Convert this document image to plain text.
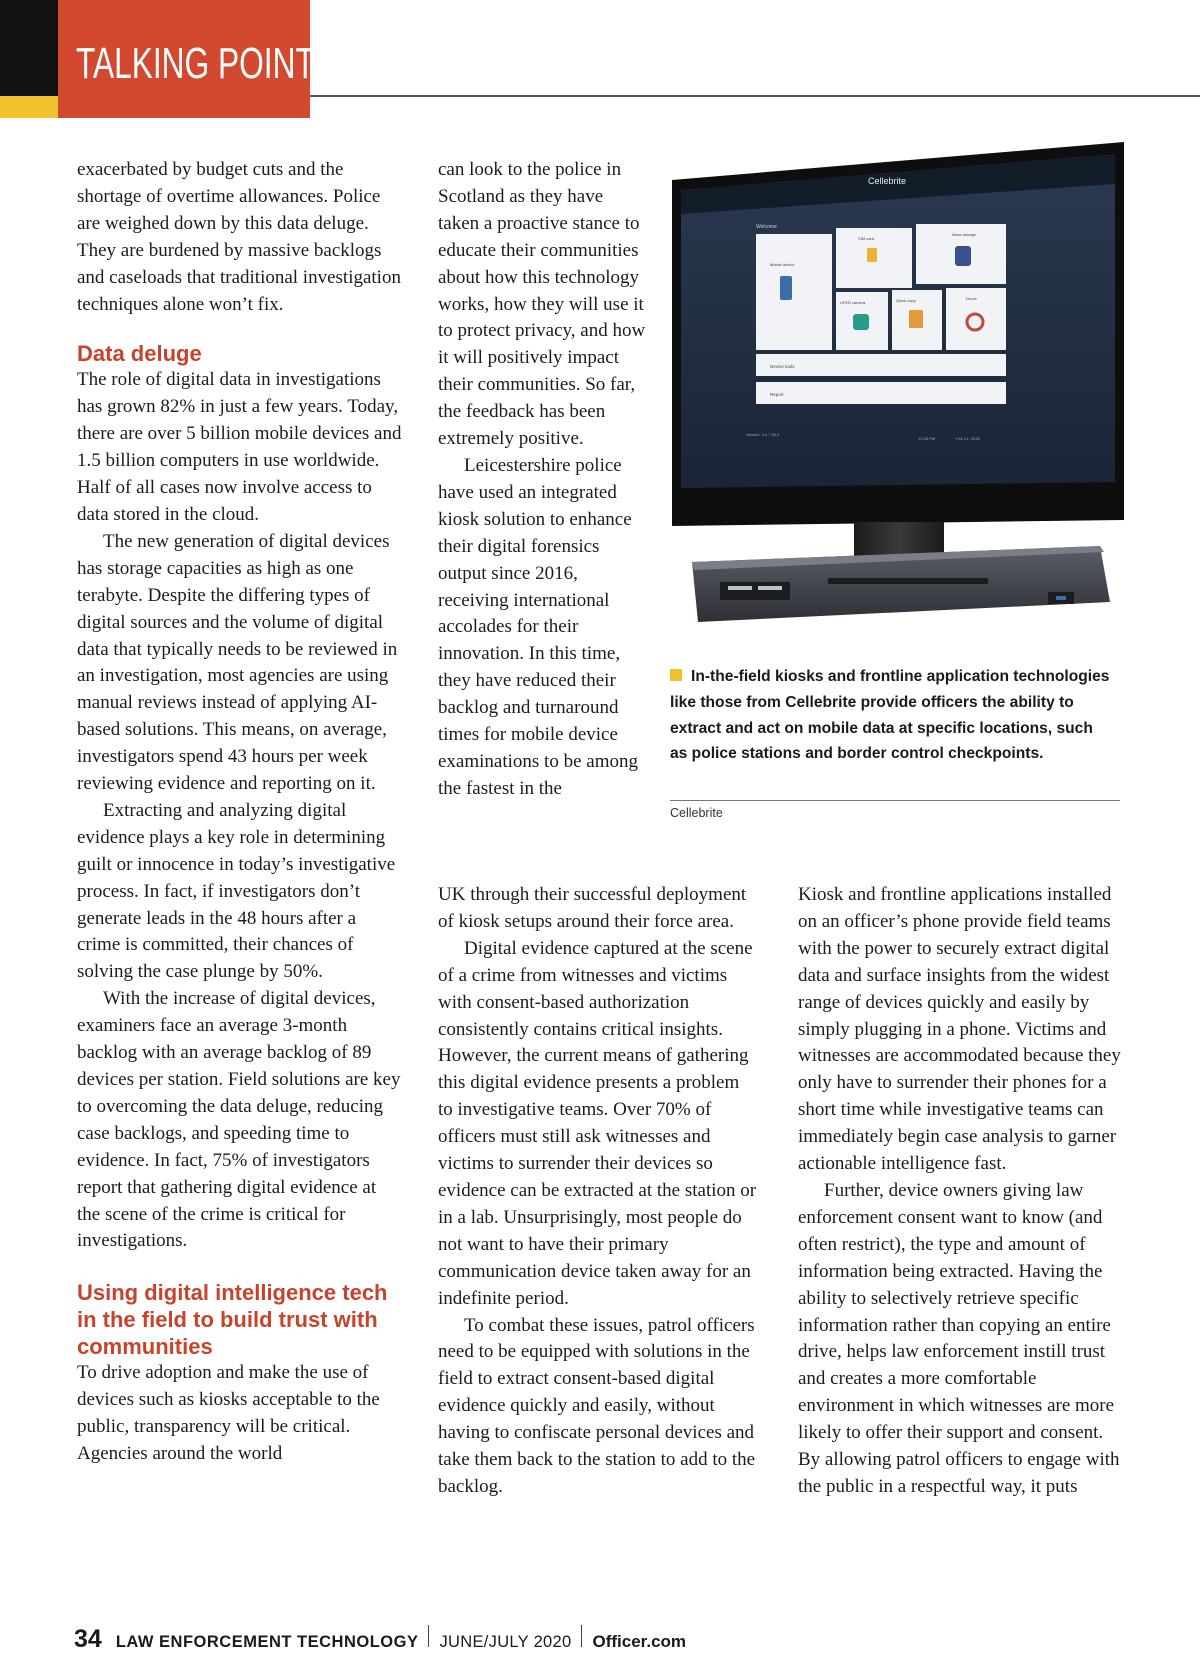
TALKING POINTS

exacerbated by budget cuts and the shortage of overtime allowances. Police are weighed down by this data deluge. They are burdened by massive backlogs and caseloads that traditional investigation techniques alone won’t fix.

Data deluge

The role of digital data in investigations has grown 82% in just a few years. Today, there are over 5 billion mobile devices and 1.5 billion computers in use worldwide. Half of all cases now involve access to data stored in the cloud.

The new generation of digital devices has storage capacities as high as one terabyte. Despite the differing types of digital sources and the volume of digital data that typically needs to be reviewed in an investigation, most agencies are using manual reviews instead of applying AI-based solutions. This means, on average, investigators spend 43 hours per week reviewing evidence and reporting on it.

Extracting and analyzing digital evidence plays a key role in determining guilt or innocence in today’s investigative process. In fact, if investigators don’t generate leads in the 48 hours after a crime is committed, their chances of solving the case plunge by 50%.

With the increase of digital devices, examiners face an average 3-month backlog with an average backlog of 89 devices per station. Field solutions are key to overcoming the data deluge, reducing case backlogs, and speeding time to evidence. In fact, 75% of investigators report that gathering digital evidence at the scene of the crime is critical for investigations.

Using digital intelligence tech in the field to build trust with communities

To drive adoption and make the use of devices such as kiosks acceptable to the public, transparency will be critical. Agencies around the world

can look to the police in Scotland as they have taken a proactive stance to educate their communities about how this technology works, how they will use it to protect privacy, and how it will positively impact their communities. So far, the feedback has been extremely positive.

Leicestershire police have used an integrated kiosk solution to enhance their digital forensics output since 2016, receiving international accolades for their innovation. In this time, they have reduced their backlog and turnaround times for mobile device examinations to be among the fastest in the

UK through their successful deployment of kiosk setups around their force area.

Digital evidence captured at the scene of a crime from witnesses and victims with consent-based authorization consistently contains critical insights. However, the current means of gathering this digital evidence presents a problem to investigative teams. Over 70% of officers must still ask witnesses and victims to surrender their devices so evidence can be extracted at the station or in a lab. Unsurprisingly, most people do not want to have their primary communication device taken away for an indefinite period.

To combat these issues, patrol officers need to be equipped with solutions in the field to extract consent-based digital evidence quickly and easily, without having to confiscate personal devices and take them back to the station to add to the backlog.

Kiosk and frontline applications installed on an officer’s phone provide field teams with the power to securely extract digital data and surface insights from the widest range of devices quickly and easily by simply plugging in a phone. Victims and witnesses are accommodated because they only have to surrender their phones for a short time while investigative teams can immediately begin case analysis to garner actionable intelligence fast.

Further, device owners giving law enforcement consent want to know (and often restrict), the type and amount of information being extracted. Having the ability to selectively retrieve specific information rather than copying an entire drive, helps law enforcement instill trust and creates a more comfortable environment in which witnesses are more likely to offer their support and consent. By allowing patrol officers to engage with the public in a respectful way, it puts

Cellebrite
Welcome
Mobile device
SIM card
Mass storage
UFED camera	Quick copy	Drone
Device tools
Report
Version: 4.4.7.30.4
12:38 PM	Feb 21, 2018
In-the-field kiosks and frontline application technologies like those from Cellebrite provide officers the ability to extract and act on mobile data at specific locations, such as police stations and border control checkpoints.
Cellebrite
34 LAW ENFORCEMENT TECHNOLOGY JUNE/JULY 2020 Officer.com
